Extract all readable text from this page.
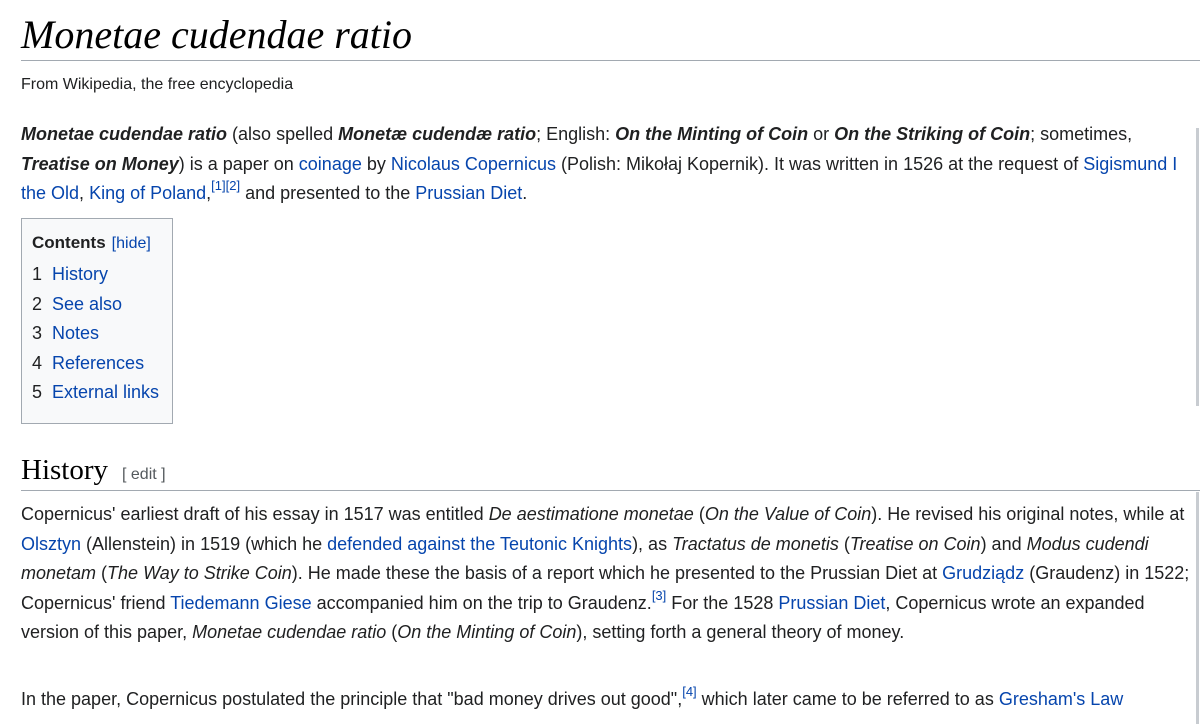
Monetae cudendae ratio
From Wikipedia, the free encyclopedia

Monetae cudendae ratio (also spelled Monetæ cudendæ ratio; English: On the Minting of Coin or On the Striking of Coin; sometimes, Treatise on Money) is a paper on coinage by Nicolaus Copernicus (Polish: Mikołaj Kopernik). It was written in 1526 at the request of Sigismund I the Old, King of Poland,[1][2] and presented to the Prussian Diet.

Contents [hide]
1 History
2 See also
3 Notes
4 References
5 External links
History [ edit ]

Copernicus' earliest draft of his essay in 1517 was entitled De aestimatione monetae (On the Value of Coin). He revised his original notes, while at Olsztyn (Allenstein) in 1519 (which he defended against the Teutonic Knights), as Tractatus de monetis (Treatise on Coin) and Modus cudendi monetam (The Way to Strike Coin). He made these the basis of a report which he presented to the Prussian Diet at Grudziądz (Graudenz) in 1522; Copernicus' friend Tiedemann Giese accompanied him on the trip to Graudenz.[3] For the 1528 Prussian Diet, Copernicus wrote an expanded version of this paper, Monetae cudendae ratio (On the Minting of Coin), setting forth a general theory of money.

In the paper, Copernicus postulated the principle that "bad money drives out good",[4] which later came to be referred to as Gresham's Law
